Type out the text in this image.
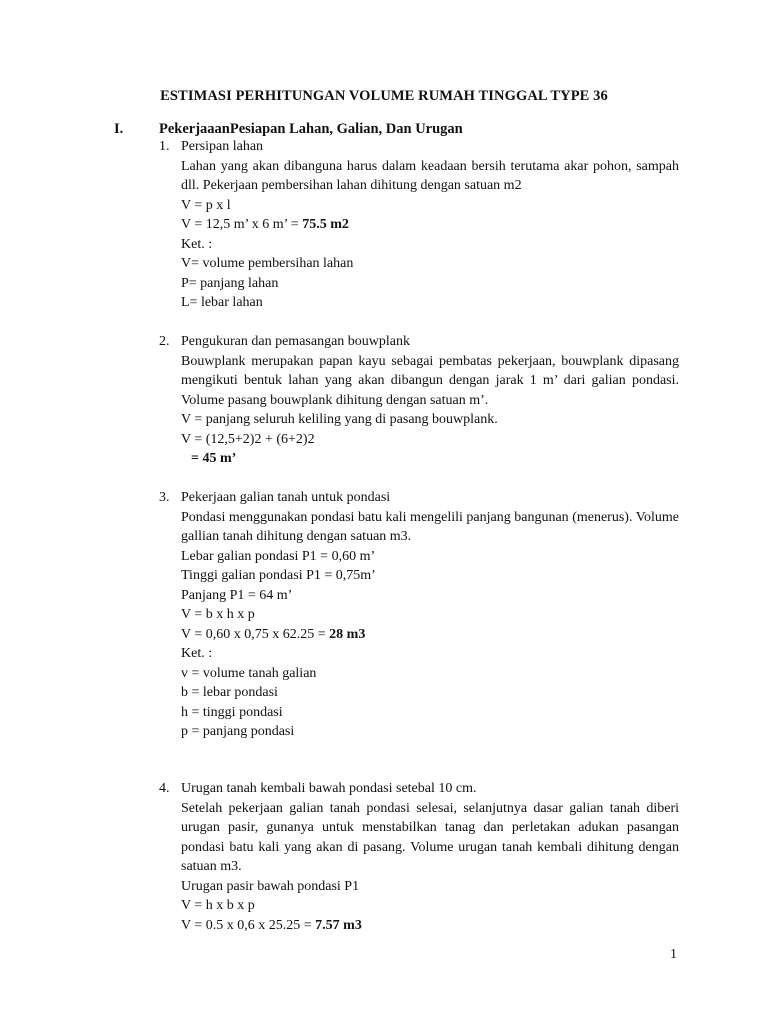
ESTIMASI PERHITUNGAN VOLUME RUMAH TINGGAL TYPE 36
I. PekerjaaanPesiapan Lahan, Galian, Dan Urugan
1. Persipan lahan

Lahan yang akan dibanguna harus dalam keadaan bersih terutama akar pohon, sampah dll. Pekerjaan pembersihan lahan dihitung dengan satuan m2

V = p x l
V = 12,5 m’ x 6 m’ = 75.5 m2
Ket. :
V= volume pembersihan lahan
P= panjang lahan
L= lebar lahan
2. Pengukuran dan pemasangan bouwplank

Bouwplank merupakan papan kayu sebagai pembatas pekerjaan, bouwplank dipasang mengikuti bentuk lahan yang akan dibangun dengan jarak 1 m’ dari galian pondasi. Volume pasang bouwplank dihitung dengan satuan m’.

V = panjang seluruh keliling yang di pasang bouwplank.
V = (12,5+2)2 + (6+2)2
= 45 m’
3. Pekerjaan galian tanah untuk pondasi

Pondasi menggunakan pondasi batu kali mengelili panjang bangunan (menerus). Volume gallian tanah dihitung dengan satuan m3.

Lebar galian pondasi P1 = 0,60 m’
Tinggi galian pondasi P1 = 0,75m’
Panjang P1 = 64 m’
V = b x h x p
V = 0,60 x 0,75 x 62.25 = 28 m3
Ket. :
v = volume tanah galian
b = lebar pondasi
h = tinggi pondasi
p = panjang pondasi
4. Urugan tanah kembali bawah pondasi setebal 10 cm.

Setelah pekerjaan galian tanah pondasi selesai, selanjutnya dasar galian tanah diberi urugan pasir, gunanya untuk menstabilkan tanag dan perletakan adukan pasangan pondasi batu kali yang akan di pasang. Volume urugan tanah kembali dihitung dengan satuan m3.

Urugan pasir bawah pondasi P1
V = h x b x p
V = 0.5 x 0,6 x 25.25 = 7.57 m3
1
